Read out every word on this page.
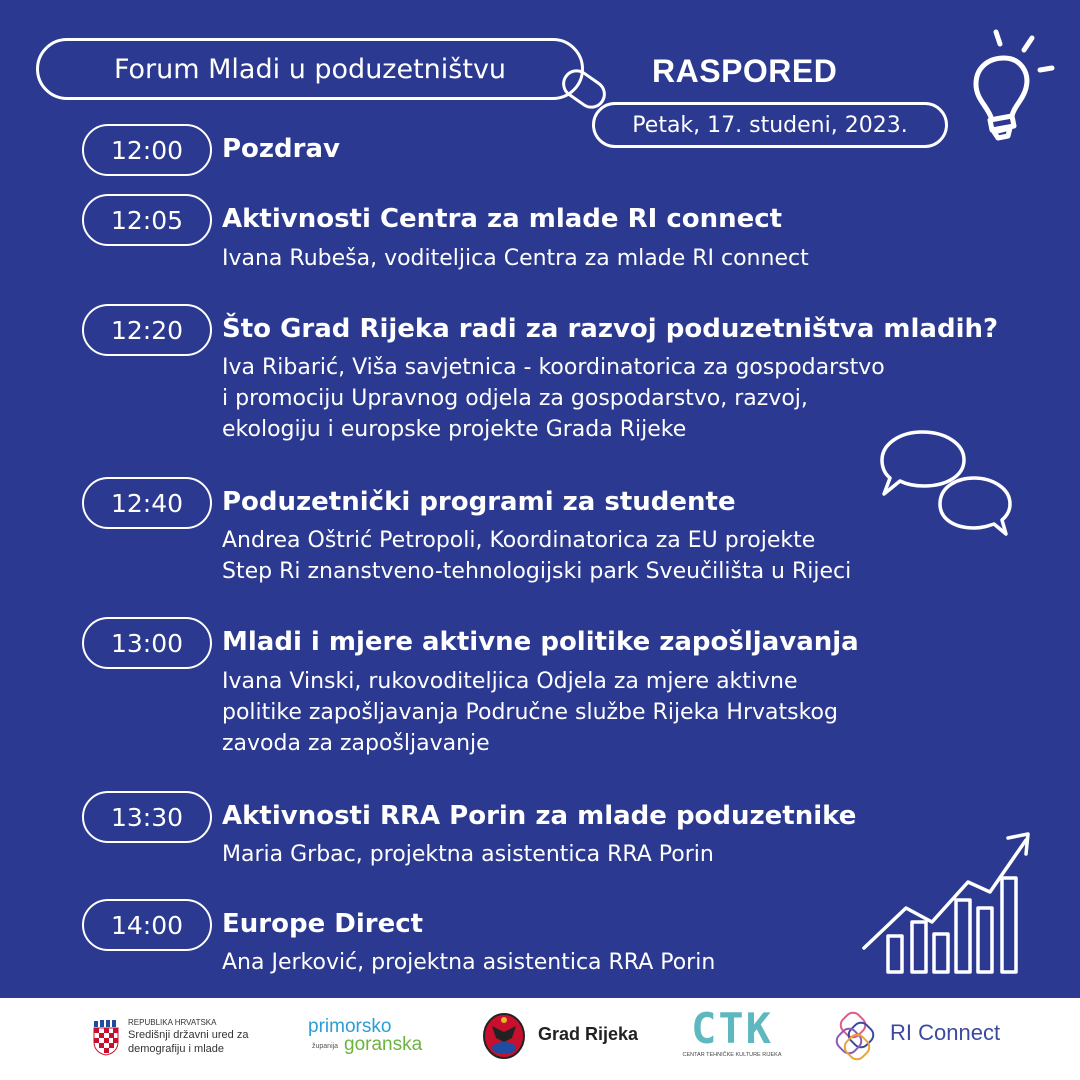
Forum Mladi u poduzetništvu	RASPORED
Petak, 17. studeni, 2023.
12:00 Pozdrav
12:05 Aktivnosti Centra za mlade RI connect
Ivana Rubeša, voditeljica Centra za mlade RI connect
12:20 Što Grad Rijeka radi za razvoj poduzetništva mladih?
Iva Ribarić, Viša savjetnica - koordinatorica za gospodarstvo
i promociju Upravnog odjela za gospodarstvo, razvoj,
ekologiju i europske projekte Grada Rijeke
12:40 Poduzetnički programi za studente
Andrea Oštrić Petropoli, Koordinatorica za EU projekte
Step Ri znanstveno-tehnologijski park Sveučilišta u Rijeci
13:00 Mladi i mjere aktivne politike zapošljavanja
Ivana Vinski, rukovoditeljica Odjela za mjere aktivne
politike zapošljavanja Područne službe Rijeka Hrvatskog
zavoda za zapošljavanje
13:30 Aktivnosti RRA Porin za mlade poduzetnike
Maria Grbac, projektna asistentica RRA Porin
14:00 Europe Direct
Ana Jerković, projektna asistentica RRA Porin
REPUBLIKA HRVATSKA
Središnji državni ured za
demografiju i mlade
primorsko
županija goranska	Grad Rijeka	CTK
CENTAR TEHNIČKE KULTURE RIJEKA
RI Connect
